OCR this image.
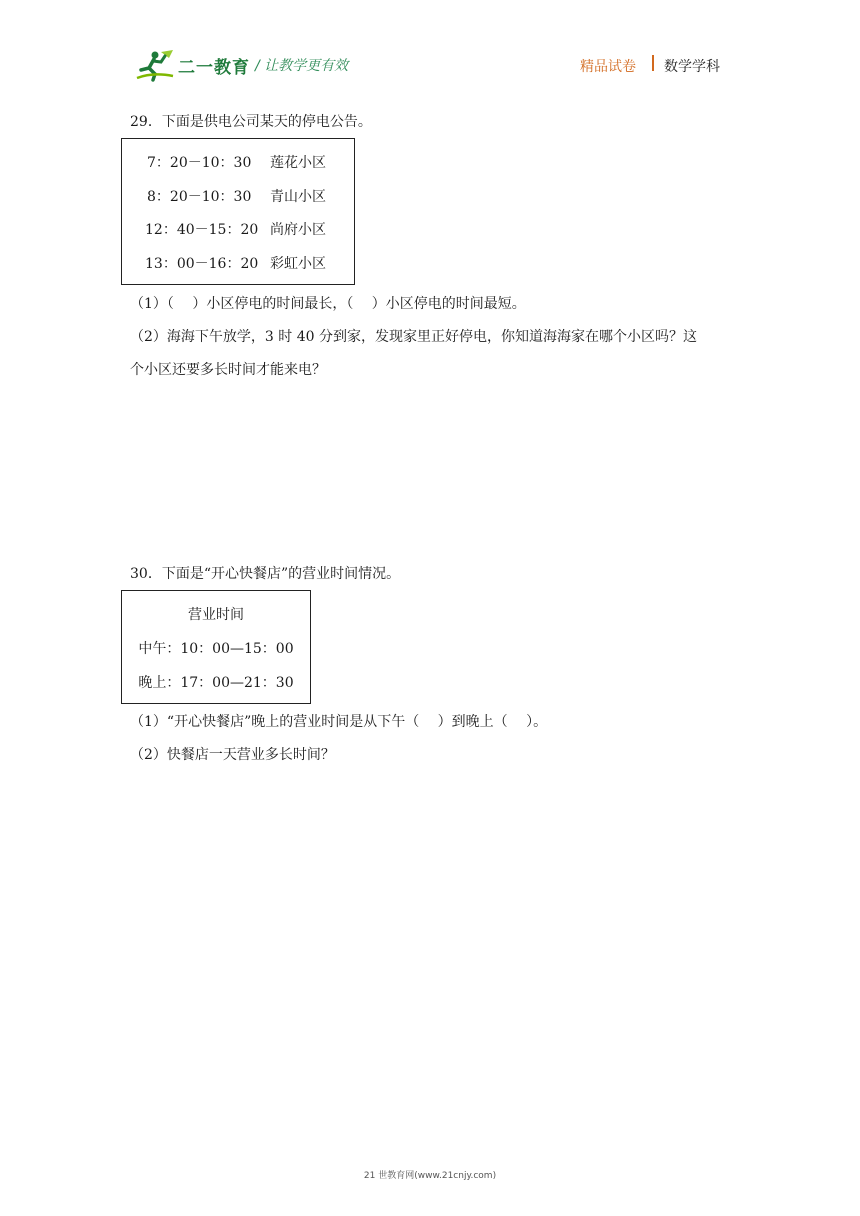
二一教育 / 让教学更有效	精品试卷 数学学科
29．下面是供电公司某天的停电公告。
7：20－10：30 莲花小区
8：20－10：30 青山小区
12：40－15：20 尚府小区
13：00－16：20 彩虹小区
（1）（　 ）小区停电的时间最长，（　 ）小区停电的时间最短。
（2）海海下午放学，3 时 40 分到家，发现家里正好停电，你知道海海家在哪个小区吗？这
个小区还要多长时间才能来电？
30．下面是“开心快餐店”的营业时间情况。
营业时间
中午：10：00—15：00
晚上：17：00—21：30
（1）“开心快餐店”晚上的营业时间是从下午（　 ）到晚上（　 ）。
（2）快餐店一天营业多长时间？
21 世教育网(www.21cnjy.com)
